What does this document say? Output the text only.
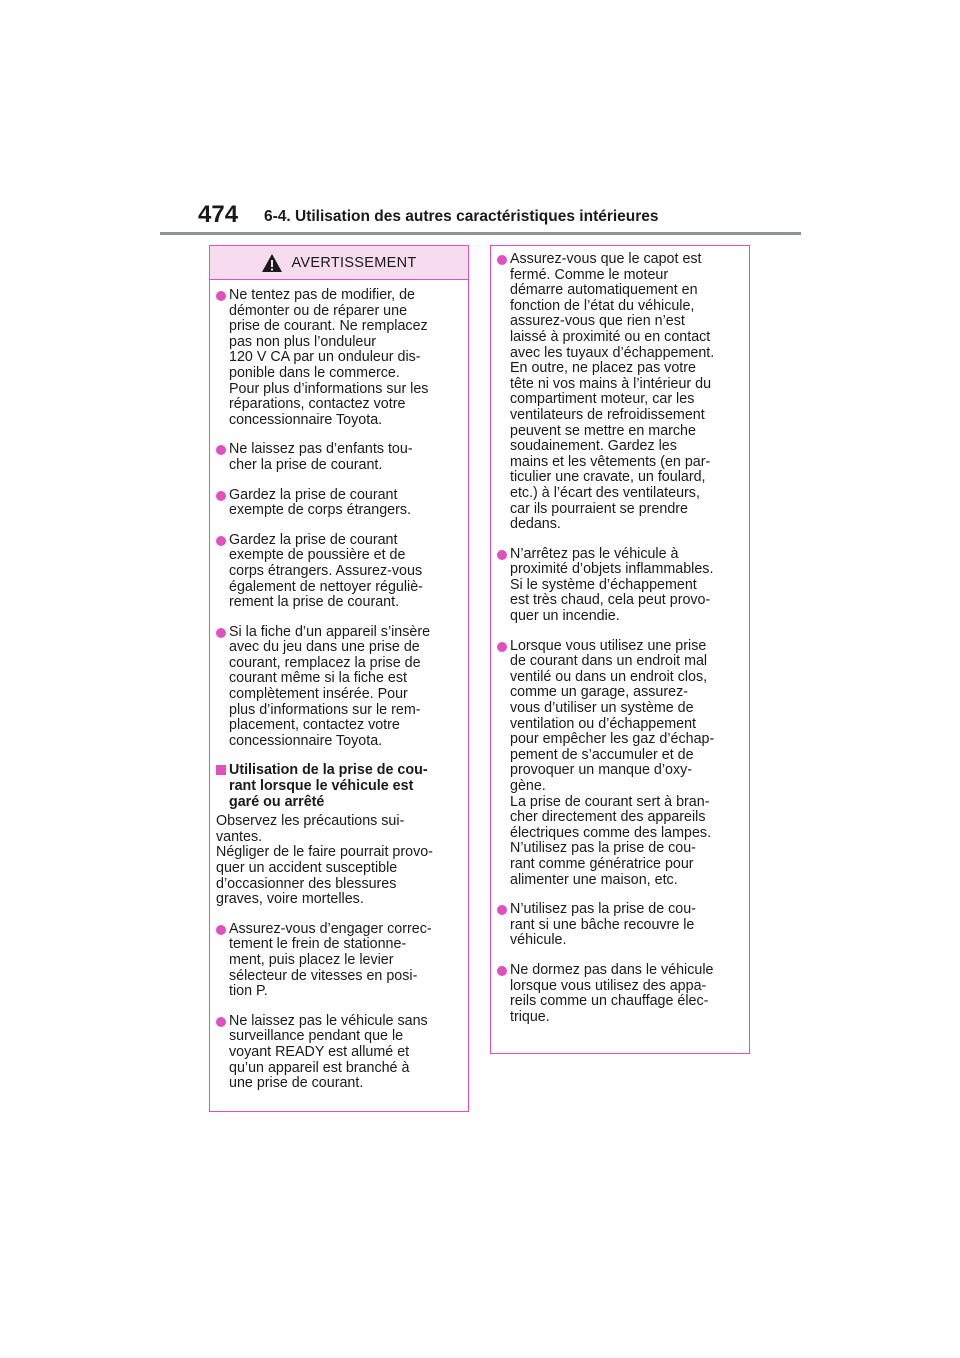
474 6-4. Utilisation des autres caractéristiques intérieures
AVERTISSEMENT
Ne tentez pas de modifier, de
démonter ou de réparer une
prise de courant. Ne remplacez
pas non plus l’onduleur
120 V CA par un onduleur dis-
ponible dans le commerce.
Pour plus d’informations sur les
réparations, contactez votre
concessionnaire Toyota.
Ne laissez pas d’enfants tou-
cher la prise de courant.
Gardez la prise de courant
exempte de corps étrangers.
Gardez la prise de courant
exempte de poussière et de
corps étrangers. Assurez-vous
également de nettoyer réguliè-
rement la prise de courant.
Si la fiche d’un appareil s’insère
avec du jeu dans une prise de
courant, remplacez la prise de
courant même si la fiche est
complètement insérée. Pour
plus d’informations sur le rem-
placement, contactez votre
concessionnaire Toyota.
Utilisation de la prise de cou-
rant lorsque le véhicule est
garé ou arrêté
Observez les précautions sui-
vantes.
Négliger de le faire pourrait provo-
quer un accident susceptible
d’occasionner des blessures
graves, voire mortelles.
Assurez-vous d’engager correc-
tement le frein de stationne-
ment, puis placez le levier
sélecteur de vitesses en posi-
tion P.
Ne laissez pas le véhicule sans
surveillance pendant que le
voyant READY est allumé et
qu’un appareil est branché à
une prise de courant.
Assurez-vous que le capot est
fermé. Comme le moteur
démarre automatiquement en
fonction de l’état du véhicule,
assurez-vous que rien n’est
laissé à proximité ou en contact
avec les tuyaux d’échappement.
En outre, ne placez pas votre
tête ni vos mains à l’intérieur du
compartiment moteur, car les
ventilateurs de refroidissement
peuvent se mettre en marche
soudainement. Gardez les
mains et les vêtements (en par-
ticulier une cravate, un foulard,
etc.) à l’écart des ventilateurs,
car ils pourraient se prendre
dedans.
N’arrêtez pas le véhicule à
proximité d’objets inflammables.
Si le système d’échappement
est très chaud, cela peut provo-
quer un incendie.
Lorsque vous utilisez une prise
de courant dans un endroit mal
ventilé ou dans un endroit clos,
comme un garage, assurez-
vous d’utiliser un système de
ventilation ou d’échappement
pour empêcher les gaz d’échap-
pement de s’accumuler et de
provoquer un manque d’oxy-
gène.
La prise de courant sert à bran-
cher directement des appareils
électriques comme des lampes.
N’utilisez pas la prise de cou-
rant comme génératrice pour
alimenter une maison, etc.
N’utilisez pas la prise de cou-
rant si une bâche recouvre le
véhicule.
Ne dormez pas dans le véhicule
lorsque vous utilisez des appa-
reils comme un chauffage élec-
trique.
